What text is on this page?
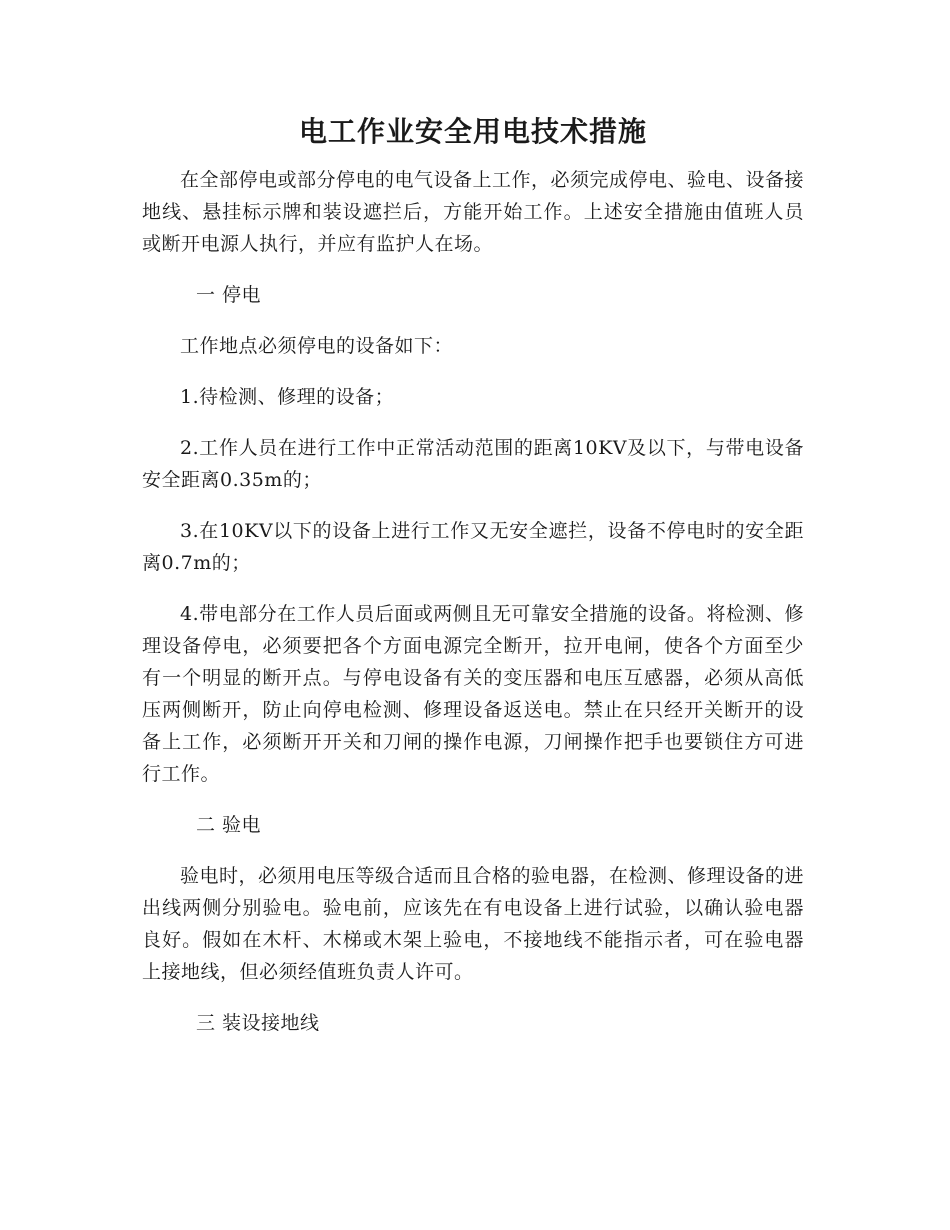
电工作业安全用电技术措施

在全部停电或部分停电的电气设备上工作，必须完成停电、验电、设备接地线、悬挂标示牌和装设遮拦后，方能开始工作。上述安全措施由值班人员或断开电源人执行，并应有监护人在场。

一 停电

工作地点必须停电的设备如下：

1.待检测、修理的设备；

2.工作人员在进行工作中正常活动范围的距离10KV及以下，与带电设备安全距离0.35m的；

3.在10KV以下的设备上进行工作又无安全遮拦，设备不停电时的安全距离0.7m的；

4.带电部分在工作人员后面或两侧且无可靠安全措施的设备。将检测、修理设备停电，必须要把各个方面电源完全断开，拉开电闸，使各个方面至少有一个明显的断开点。与停电设备有关的变压器和电压互感器，必须从高低压两侧断开，防止向停电检测、修理设备返送电。禁止在只经开关断开的设备上工作，必须断开开关和刀闸的操作电源，刀闸操作把手也要锁住方可进行工作。

二 验电

验电时，必须用电压等级合适而且合格的验电器，在检测、修理设备的进出线两侧分别验电。验电前，应该先在有电设备上进行试验，以确认验电器良好。假如在木杆、木梯或木架上验电，不接地线不能指示者，可在验电器上接地线，但必须经值班负责人许可。

三 装设接地线
